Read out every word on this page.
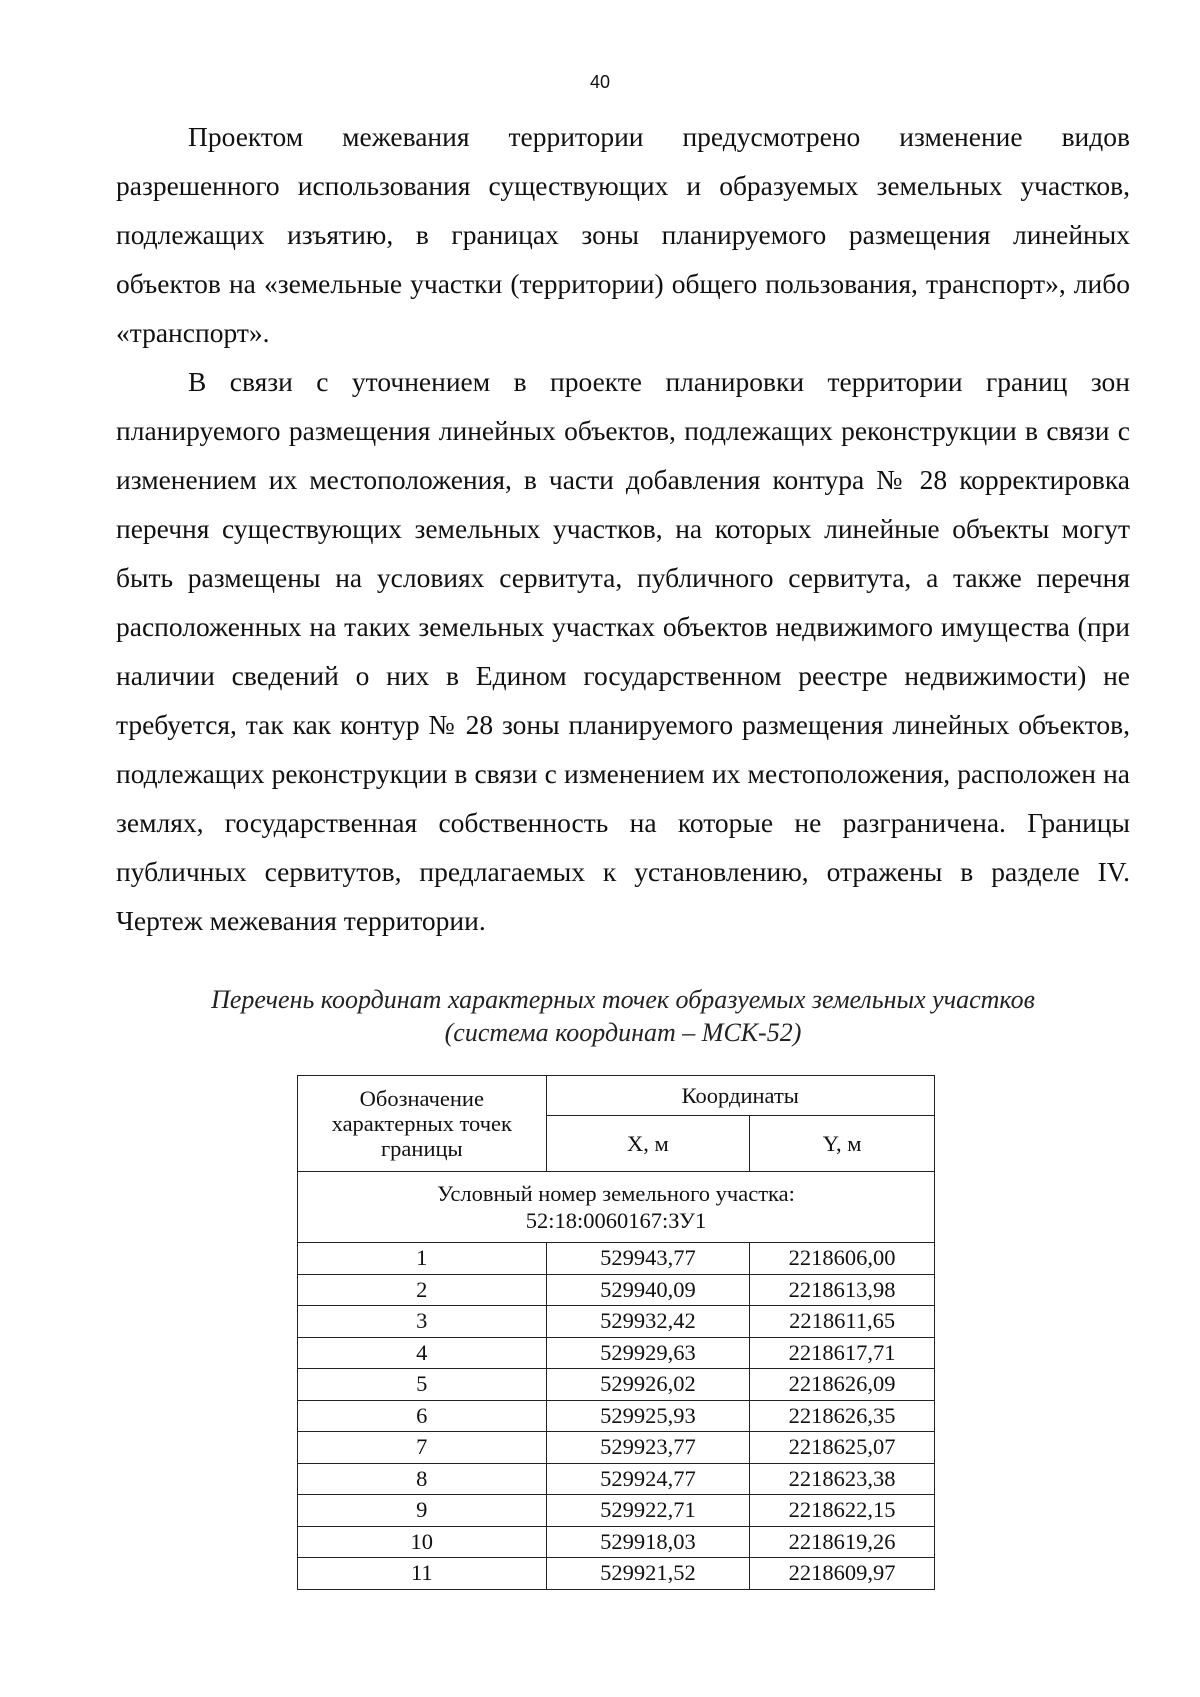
40

Проектом межевания территории предусмотрено изменение видов разрешенного использования существующих и образуемых земельных участков, подлежащих изъятию, в границах зоны планируемого размещения линейных объектов на «земельные участки (территории) общего пользования, транспорт», либо «транспорт».

В связи с уточнением в проекте планировки территории границ зон планируемого размещения линейных объектов, подлежащих реконструкции в связи с изменением их местоположения, в части добавления контура № 28 корректировка перечня существующих земельных участков, на которых линейные объекты могут быть размещены на условиях сервитута, публичного сервитута, а также перечня расположенных на таких земельных участках объектов недвижимого имущества (при наличии сведений о них в Едином государственном реестре недвижимости) не требуется, так как контур № 28 зоны планируемого размещения линейных объектов, подлежащих реконструкции в связи с изменением их местоположения, расположен на землях, государственная собственность на которые не разграничена. Границы публичных сервитутов, предлагаемых к установлению, отражены в разделе IV. Чертеж межевания территории.

Перечень координат характерных точек образуемых земельных участков
(система координат – МСК-52)
Обозначение характерных точек границы	Координаты	
	X, м	Y, м

Условный номер земельного участка:
52:18:0060167:ЗУ1		

1	529943,77	2218606,00
2	529940,09	2218613,98
3	529932,42	2218611,65
4	529929,63	2218617,71
5	529926,02	2218626,09
6	529925,93	2218626,35
7	529923,77	2218625,07
8	529924,77	2218623,38
9	529922,71	2218622,15
10	529918,03	2218619,26
11	529921,52	2218609,97
